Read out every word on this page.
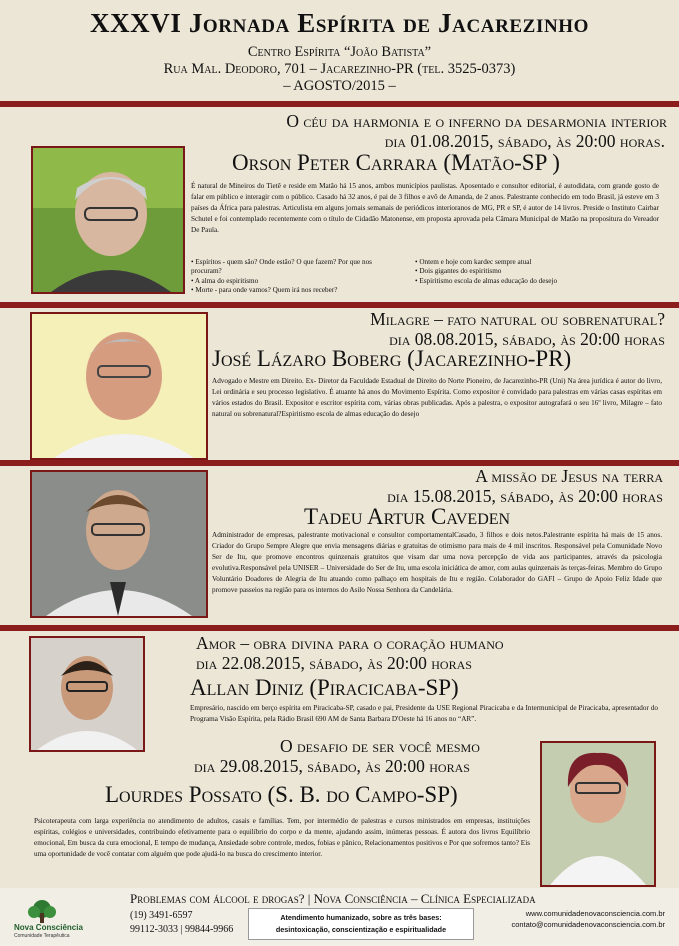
XXXVI Jornada Espírita de Jacarezinho
Centro Espírita “João Batista”
Rua Mal. Deodoro, 701 – Jacarezinho-PR (tel. 3525-0373)
– AGOSTO/2015 –
O céu da harmonia e o inferno da desarmonia interior
dia 01.08.2015, sábado, às 20:00 horas.
Orson Peter Carrara (Matão-SP )
É natural de Mineiros do Tietê e reside em Matão há 15 anos, ambos municípios paulistas. Aposentado e consultor editorial, é autodidata, com grande gosto de falar em público e interagir com o público. Casado há 32 anos, é pai de 3 filhos e avô de Amanda, de 2 anos. Palestrante conhecido em todo Brasil, já esteve em 3 países da África para palestras. Articulista em alguns jornais semanais de periódicos interioranos de MG, PR e SP, é autor de 14 livros. Preside o Instituto Cairbar Schutel e foi contemplado recentemente com o título de Cidadão Matonense, em proposta aprovada pela Câmara Municipal de Matão na propositura do Vereador De Paula.
• Espíritos - quem são? Onde estão? O que fazem? Por que nos procuram?
• A alma do espiritismo
• Morte - para onde vamos? Quem irá nos receber?
• Ontem e hoje com kardec sempre atual
• Dois gigantes do espiritismo
• Espiritismo escola de almas educação do desejo
Milagre – fato natural ou sobrenatural?
dia 08.08.2015, sábado, às 20:00 horas
José Lázaro Boberg (Jacarezinho-PR)
Advogado e Mestre em Direito. Ex- Diretor da Faculdade Estadual de Direito do Norte Pioneiro, de Jacarezinho-PR (Uni) Na área jurídica é autor do livro, Lei ordinária e seu processo legislativo. É atuante há anos do Movimento Espírita. Como expositor é convidado para palestras em várias casas espíritas em vários estados do Brasil. Expositor e escritor espírita com, várias obras publicadas. Após a palestra, o expositor autografará o seu 16º livro, Milagre – fato natural ou sobrenatural?Espiritismo escola de almas educação do desejo
A missão de Jesus na terra
dia 15.08.2015, sábado, às 20:00 horas
Tadeu Artur Caveden
Administrador de empresas, palestrante motivacional e consultor comportamentalCasado, 3 filhos e dois netos.Palestrante espírita há mais de 15 anos. Criador do Grupo Sempre Alegre que envia mensagens diárias e gratuitas de otimismo para mais de 4 mil inscritos. Responsável pela Comunidade Novo Ser de Itu, que promove encontros quinzenais gratuitos que visam dar uma nova percepção de vida aos participantes, através da psicologia evolutiva.Responsável pela UNISER – Universidade do Ser de Itu, uma escola iniciática de amor, com aulas quinzenais às terças-feiras. Membro do Grupo Voluntário Doadores de Alegria de Itu atuando como palhaço em hospitais de Itu e região. Colaborador do GAFI – Grupo de Apoio Feliz Idade que promove passeios na região para os internos do Asilo Nossa Senhora da Candelária.
Amor – obra divina para o coração humano
dia 22.08.2015, sábado, às 20:00 horas
Allan Diniz (Piracicaba-SP)
Empresário, nascido em berço espírita em Piracicaba-SP, casado e pai, Presidente da USE Regional Piracicaba e da Intermunicipal de Piracicaba, apresentador do Programa Visão Espírita, pela Rádio Brasil 690 AM de Santa Barbara D'Oeste há 16 anos no “AR”.
O desafio de ser você mesmo
dia 29.08.2015, sábado, às 20:00 horas
Lourdes Possato (S. B. do Campo-SP)
Psicoterapeuta com larga experiência no atendimento de adultos, casais e famílias. Tem, por intermédio de palestras e cursos ministrados em empresas, instituições espíritas, colégios e universidades, contribuindo efetivamente para o equilíbrio do corpo e da mente, ajudando assim, inúmeras pessoas. É autora dos livros Equilíbrio emocional, Em busca da cura emocional, E tempo de mudança, Ansiedade sobre controle, medos, fobias e pânico, Relacionamentos positivos e Por que sofremos tanto? Eis uma oportunidade de você contatar com alguém que pode ajudá-lo na busca do crescimento interior.
Nova Consciência
Comunidade Terapêutica
Problemas com álcool e drogas? | Nova Consciência – Clínica Especializada
(19) 3491-6597
99112-3033 | 99844-9966
Atendimento humanizado, sobre as três bases:
desintoxicação, conscientização e espiritualidade
www.comunidadenovaconsciencia.com.br
contato@comunidadenovaconsciencia.com.br
